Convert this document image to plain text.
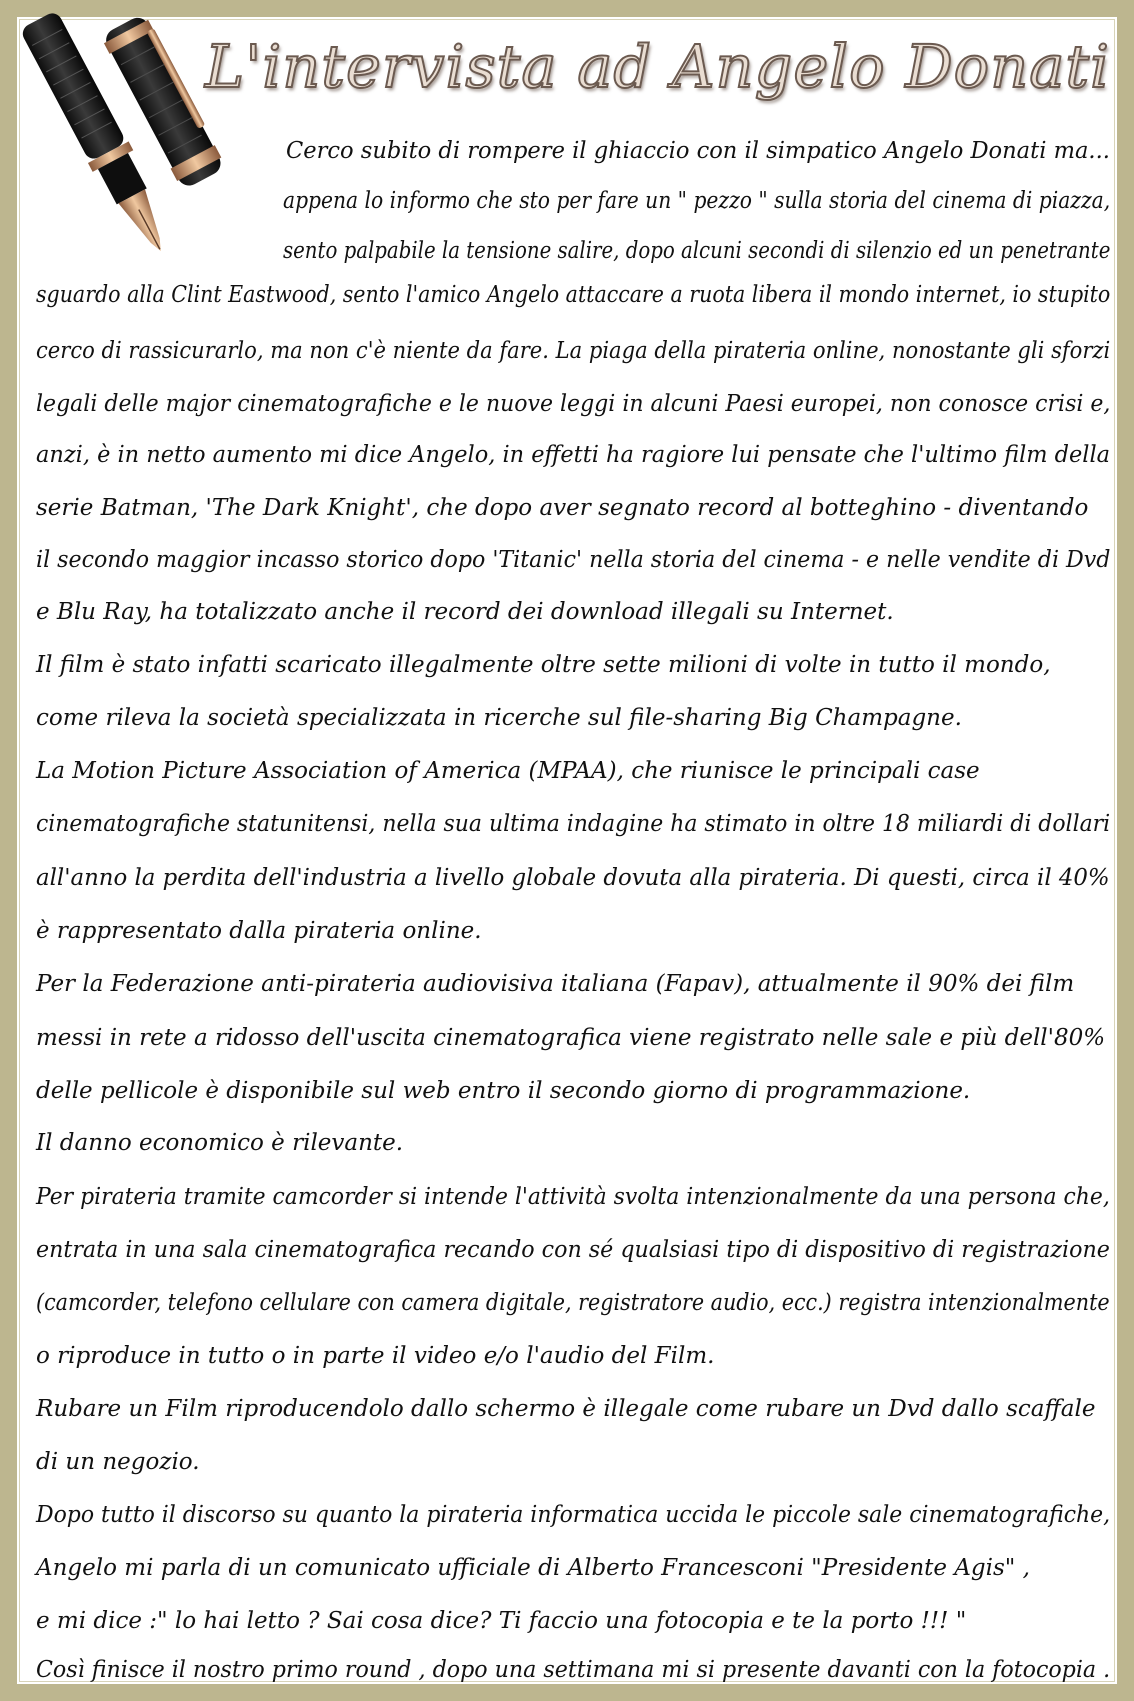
L'intervista ad Angelo Donati
Cerco subito di rompere il ghiaccio con il simpatico Angelo Donati ma...
appena lo informo che sto per fare un " pezzo " sulla storia del cinema di piazza,
sento palpabile la tensione salire, dopo alcuni secondi di silenzio ed un penetrante
sguardo alla Clint Eastwood, sento l'amico Angelo attaccare a ruota libera il mondo internet, io stupito
cerco di rassicurarlo, ma non c'è niente da fare. La piaga della pirateria online, nonostante gli sforzi
legali delle major cinematografiche e le nuove leggi in alcuni Paesi europei, non conosce crisi e,
anzi, è in netto aumento mi dice Angelo, in effetti ha ragiore lui pensate che l'ultimo film della
serie Batman, 'The Dark Knight', che dopo aver segnato record al botteghino - diventando
il secondo maggior incasso storico dopo 'Titanic' nella storia del cinema - e nelle vendite di Dvd
e Blu Ray, ha totalizzato anche il record dei download illegali su Internet.
Il film è stato infatti scaricato illegalmente oltre sette milioni di volte in tutto il mondo,
come rileva la società specializzata in ricerche sul file-sharing Big Champagne.
La Motion Picture Association of America (MPAA), che riunisce le principali case
cinematografiche statunitensi, nella sua ultima indagine ha stimato in oltre 18 miliardi di dollari
all'anno la perdita dell'industria a livello globale dovuta alla pirateria. Di questi, circa il 40%
è rappresentato dalla pirateria online.
Per la Federazione anti-pirateria audiovisiva italiana (Fapav), attualmente il 90% dei film
messi in rete a ridosso dell'uscita cinematografica viene registrato nelle sale e più dell'80%
delle pellicole è disponibile sul web entro il secondo giorno di programmazione.
Il danno economico è rilevante.
Per pirateria tramite camcorder si intende l'attività svolta intenzionalmente da una persona che,
entrata in una sala cinematografica recando con sé qualsiasi tipo di dispositivo di registrazione
(camcorder, telefono cellulare con camera digitale, registratore audio, ecc.) registra intenzionalmente
o riproduce in tutto o in parte il video e/o l'audio del Film.
Rubare un Film riproducendolo dallo schermo è illegale come rubare un Dvd dallo scaffale
di un negozio.
Dopo tutto il discorso su quanto la pirateria informatica uccida le piccole sale cinematografiche,
Angelo mi parla di un comunicato ufficiale di Alberto Francesconi "Presidente Agis" ,
e mi dice :" lo hai letto ? Sai cosa dice? Ti faccio una fotocopia e te la porto !!! "
Così finisce il nostro primo round , dopo una settimana mi si presente davanti con la fotocopia .
